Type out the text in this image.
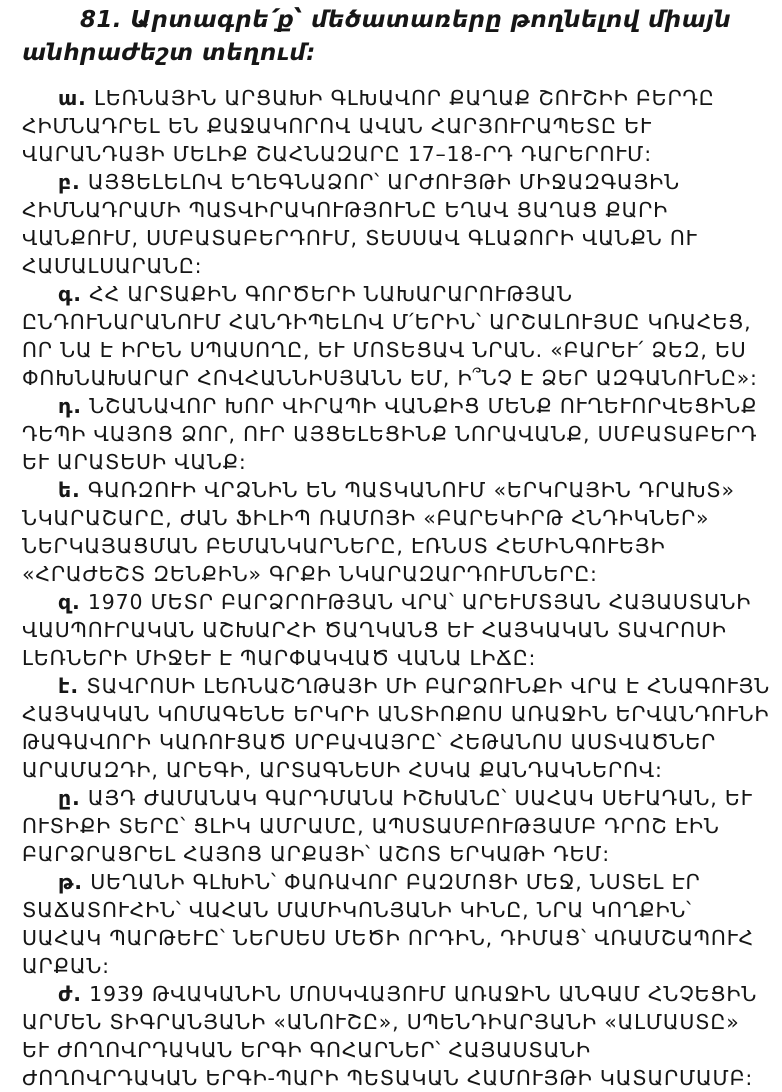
81. Արտագրե՛ք՝ մեծատառերը թողնելով միայն անհրաժեշտ տեղում:

ա. ԼԵՌՆԱՅԻՆ ԱՐՑԱԽԻ ԳԼԽԱՎՈՐ ՔԱՂԱՔ ՇՈՒՇԻԻ ԲԵՐԴԸ ՀԻՄՆԱԴՐԵԼ ԵՆ ՔԱՋԱԿՈՐՈՎ ԱՎԱՆ ՀԱՐՅՈՒՐԱՊԵՏԸ ԵՒ ՎԱՐԱՆԴԱՅԻ ՄԵԼԻՔ ՇԱՀՆԱԶԱՐԸ 17–18-ՐԴ ԴԱՐԵՐՈՒՄ:

բ. ԱՅՑԵԼԵԼՈՎ ԵՂԵԳՆԱՁՈՐ՝ ԱՐԺՈՒՅԹԻ ՄԻՋԱԶԳԱՅԻՆ ՀԻՄՆԱԴՐԱՄԻ ՊԱՏՎԻՐԱԿՈՒԹՅՈՒՆԸ ԵՂԱՎ ՑԱՂԱՑ ՔԱՐԻ ՎԱՆՔՈՒՄ, ՍՄԲԱՏԱԲԵՐԴՈՒՄ, ՏԵՍՍԱՎ ԳԼԱՁՈՐԻ ՎԱՆՔՆ ՈՒ ՀԱՄԱԼՍԱՐԱՆԸ:

գ. ՀՀ ԱՐՏԱՔԻՆ ԳՈՐԾԵՐԻ ՆԱԽԱՐԱՐՈՒԹՅԱՆ ԸՆԴՈՒՆԱՐԱՆՈՒՄ ՀԱՆԴԻՊԵԼՈՎ Մ՛ԵՐԻՆ՝ ԱՐՇԱԼՈՒՅՍԸ ԿՌԱՀԵՑ, ՈՐ ՆԱ Է ԻՐԵՆ ՍՊԱՍՈՂԸ, ԵՒ ՄՈՏԵՑԱՎ ՆՐԱՆ. «ԲԱՐԵՒ՛ ՁԵԶ, ԵՍ ՓՈԽՆԱԽԱՐԱՐ ՀՈՎՀԱՆՆԻՍՅԱՆՆ ԵՄ, Ի՞ՆՉ Է ՁԵՐ ԱԶԳԱՆՈՒՆԸ»:

դ. ՆՇԱՆԱՎՈՐ ԽՈՐ ՎԻՐԱՊԻ ՎԱՆՔԻՑ ՄԵՆՔ ՈՒՂԵՒՈՐՎԵՑԻՆՔ ԴԵՊԻ ՎԱՅՈՑ ՁՈՐ, ՈՒՐ ԱՅՑԵԼԵՑԻՆՔ ՆՈՐԱՎԱՆՔ, ՍՄԲԱՏԱԲԵՐԴ ԵՒ ԱՐԱՏԵՍԻ ՎԱՆՔ:

ե. ԳԱՌԶՈՒԻ ՎՐՁՆԻՆ ԵՆ ՊԱՏԿԱՆՈՒՄ «ԵՐԿՐԱՅԻՆ ԴՐԱԽՏ» ՆԿԱՐԱՇԱՐԸ, ԺԱՆ ՖԻԼԻՊ ՌԱՄՈՅԻ «ԲԱՐԵԿԻՐԹ ՀՆԴԻԿՆԵՐ» ՆԵՐԿԱՅԱՑՄԱՆ ԲԵՄԱՆԿԱՐՆԵՐԸ, ԷՌՆՍՏ ՀԵՄԻՆԳՈՒԵՅԻ «ՀՐԱԺԵՇՏ ԶԵՆՔԻՆ» ԳՐՔԻ ՆԿԱՐԱԶԱՐԴՈՒՄՆԵՐԸ:

զ. 1970 ՄԵՏՐ ԲԱՐՁՐՈՒԹՅԱՆ ՎՐԱ՝ ԱՐԵՒՄՏՅԱՆ ՀԱՅԱՍՏԱՆԻ ՎԱՍՊՈՒՐԱԿԱՆ ԱՇԽԱՐՀԻ ԾԱՂԿԱՆՑ ԵՒ ՀԱՅԿԱԿԱՆ ՏԱՎՐՈՍԻ ԼԵՌՆԵՐԻ ՄԻՋԵՒ Է ՊԱՐՓԱԿՎԱԾ ՎԱՆԱ ԼԻՃԸ:

է. ՏԱՎՐՈՍԻ ԼԵՌՆԱՇՂԹԱՅԻ ՄԻ ԲԱՐՁՈՒՆՔԻ ՎՐԱ Է ՀՆԱԳՈՒՅՆ ՀԱՅԿԱԿԱՆ ԿՈՄԱԳԵՆԵ ԵՐԿՐԻ ԱՆՏԻՈՔՈՍ ԱՌԱՋԻՆ ԵՐՎԱՆԴՈՒՆԻ ԹԱԳԱՎՈՐԻ ԿԱՌՈՒՑԱԾ ՍՐԲԱՎԱՅՐԸ՝ ՀԵԹԱՆՈՍ ԱՍՏՎԱԾՆԵՐ ԱՐԱՄԱԶԴԻ, ԱՐԵԳԻ, ԱՐՏԱԳՆԵՍԻ ՀՍԿԱ ՔԱՆԴԱԿՆԵՐՈՎ:

ը. ԱՅԴ ԺԱՄԱՆԱԿ ԳԱՐԴՄԱՆԱ ԻՇԽԱՆԸ՝ ՍԱՀԱԿ ՍԵՒԱԴԱՆ, ԵՒ ՈՒՏԻՔԻ ՏԵՐԸ՝ ՑԼԻԿ ԱՄՐԱՄԸ, ԱՊՍՏԱՄԲՈՒԹՅԱՄԲ ԴՐՈՇ ԷԻՆ ԲԱՐՁՐԱՑՐԵԼ ՀԱՅՈՑ ԱՐՔԱՅԻ՝ ԱՇՈՏ ԵՐԿԱԹԻ ԴԵՄ:

թ. ՍԵՂԱՆԻ ԳԼԽԻՆ՝ ՓԱՌԱՎՈՐ ԲԱԶՄՈՑԻ ՄԵՋ, ՆՍՏԵԼ ԷՐ ՏԱՃԱՏՈՒՀԻՆ՝ ՎԱՀԱՆ ՄԱՄԻԿՈՆՅԱՆԻ ԿԻՆԸ, ՆՐԱ ԿՈՂՔԻՆ՝ ՍԱՀԱԿ ՊԱՐԹԵՒԸ՝ ՆԵՐՍԵՍ ՄԵԾԻ ՈՐԴԻՆ, ԴԻՄԱՑ՝ ՎՌԱՄՇԱՊՈՒՀ ԱՐՔԱՆ:

ժ. 1939 ԹՎԱԿԱՆԻՆ ՄՈՍԿՎԱՅՈՒՄ ԱՌԱՋԻՆ ԱՆԳԱՄ ՀՆՉԵՑԻՆ ԱՐՄԵՆ ՏԻԳՐԱՆՅԱՆԻ «ԱՆՈՒՇԸ», ՍՊԵՆԴԻԱՐՅԱՆԻ «ԱԼՄԱՍՏԸ» ԵՒ ԺՈՂՈՎՐԴԱԿԱՆ ԵՐԳԻ ԳՈՀԱՐՆԵՐ՝ ՀԱՅԱՍՏԱՆԻ ԺՈՂՈՎՐԴԱԿԱՆ ԵՐԳԻ-ՊԱՐԻ ՊԵՏԱԿԱՆ ՀԱՄՈՒՅԹԻ ԿԱՏԱՐՄԱՄԲ:
